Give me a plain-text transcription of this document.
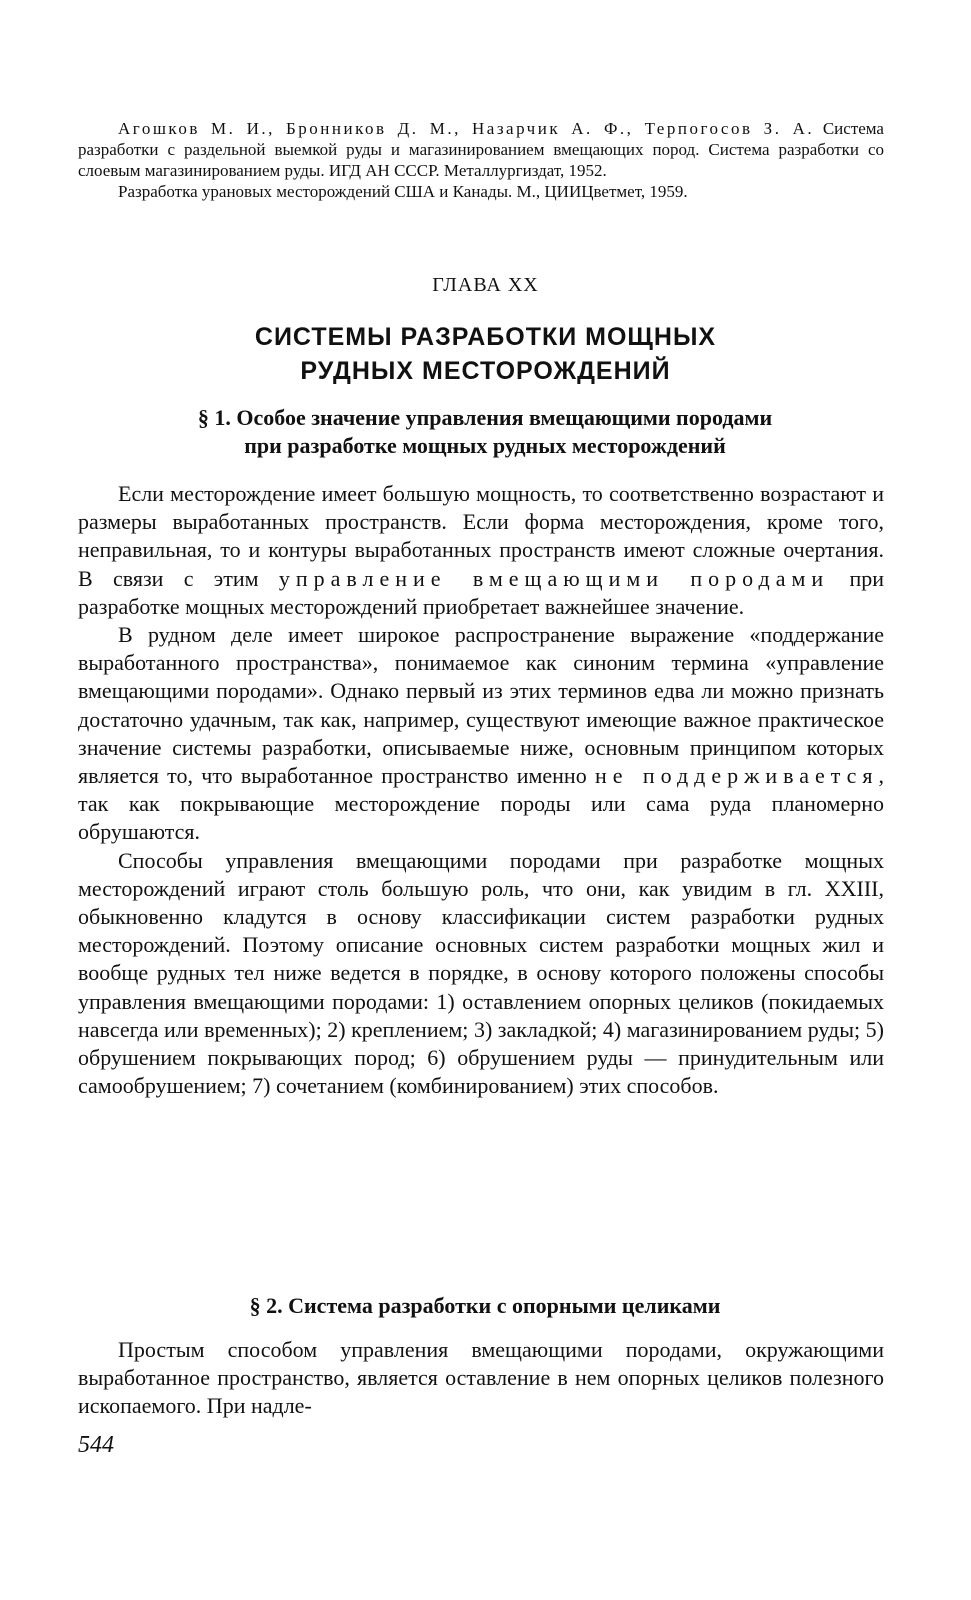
Агошков М. И., Бронников Д. М., Назарчик А. Ф., Терпогосов З. А. Система разработки с раздельной выемкой руды и магазинированием вмещающих пород. Система разработки со слоевым магазинированием руды. ИГД АН СССР. Металлургиздат, 1952.

Разработка урановых месторождений США и Канады. М., ЦИИЦветмет, 1959.

ГЛАВА XX
СИСТЕМЫ РАЗРАБОТКИ МОЩНЫХ
РУДНЫХ МЕСТОРОЖДЕНИЙ
§ 1. Особое значение управления вмещающими породами
при разработке мощных рудных месторождений

Если месторождение имеет большую мощность, то соответственно возрастают и размеры выработанных пространств. Если форма месторождения, кроме того, неправильная, то и контуры выработанных пространств имеют сложные очертания. В связи с этим управление вмещающими породами при разработке мощных месторождений приобретает важнейшее значение.

В рудном деле имеет широкое распространение выражение «поддержание выработанного пространства», понимаемое как синоним термина «управление вмещающими породами». Однако первый из этих терминов едва ли можно признать достаточно удачным, так как, например, существуют имеющие важное практическое значение системы разработки, описываемые ниже, основным принципом которых является то, что выработанное пространство именно не поддерживается, так как покрывающие месторождение породы или сама руда планомерно обрушаются.

Способы управления вмещающими породами при разработке мощных месторождений играют столь большую роль, что они, как увидим в гл. XXIII, обыкновенно кладутся в основу классификации систем разработки рудных месторождений. Поэтому описание основных систем разработки мощных жил и вообще рудных тел ниже ведется в порядке, в основу которого положены способы управления вмещающими породами: 1) оставлением опорных целиков (покидаемых навсегда или временных); 2) креплением; 3) закладкой; 4) магазинированием руды; 5) обрушением покрывающих пород; 6) обрушением руды — принудительным или самообрушением; 7) сочетанием (комбинированием) этих способов.

§ 2. Система разработки с опорными целиками

Простым способом управления вмещающими породами, окружающими выработанное пространство, является оставление в нем опорных целиков полезного ископаемого. При надле-

544
